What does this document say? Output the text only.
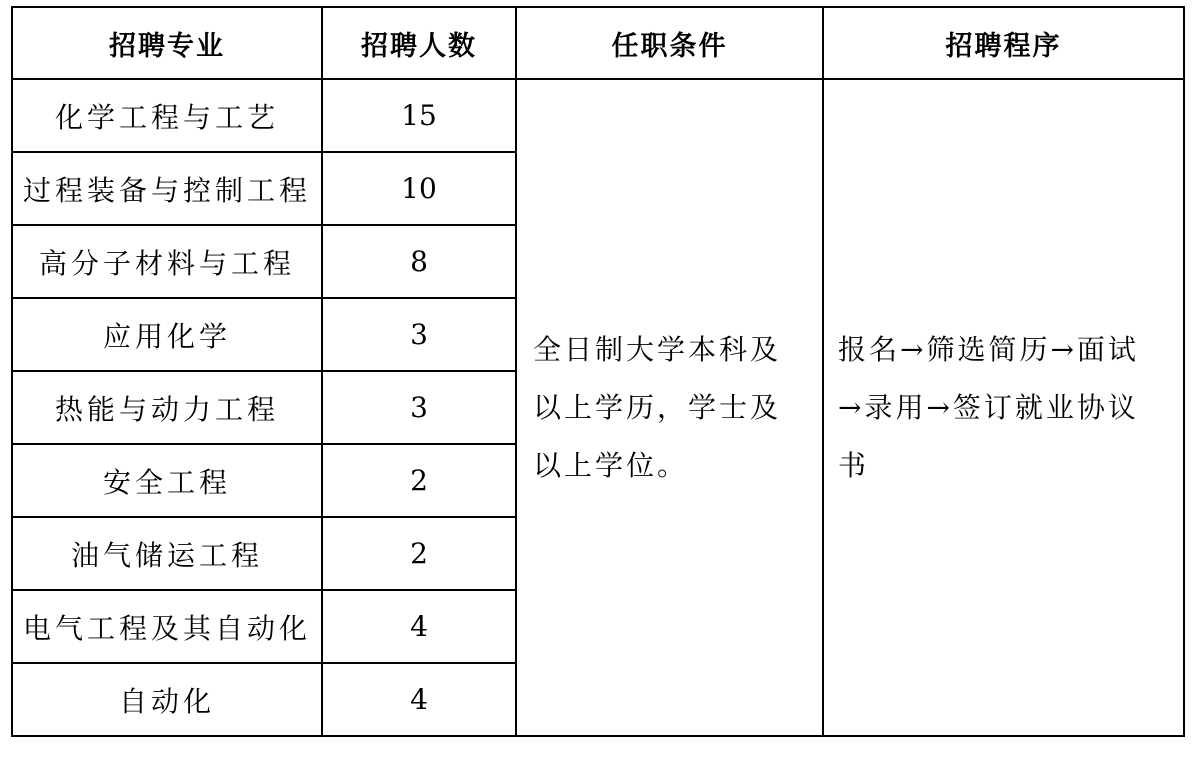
招聘专业	招聘人数	任职条件	招聘程序
化学工程与工艺	15	全日制大学本科及以上学历，学士及以上学位。	报名→筛选简历→面试→录用→签订就业协议书

过程装备与控制工程	10		
高分子材料与工程	8		
应用化学	3		
热能与动力工程	3		
安全工程	2		
油气储运工程	2		
电气工程及其自动化	4		
自动化	4		
